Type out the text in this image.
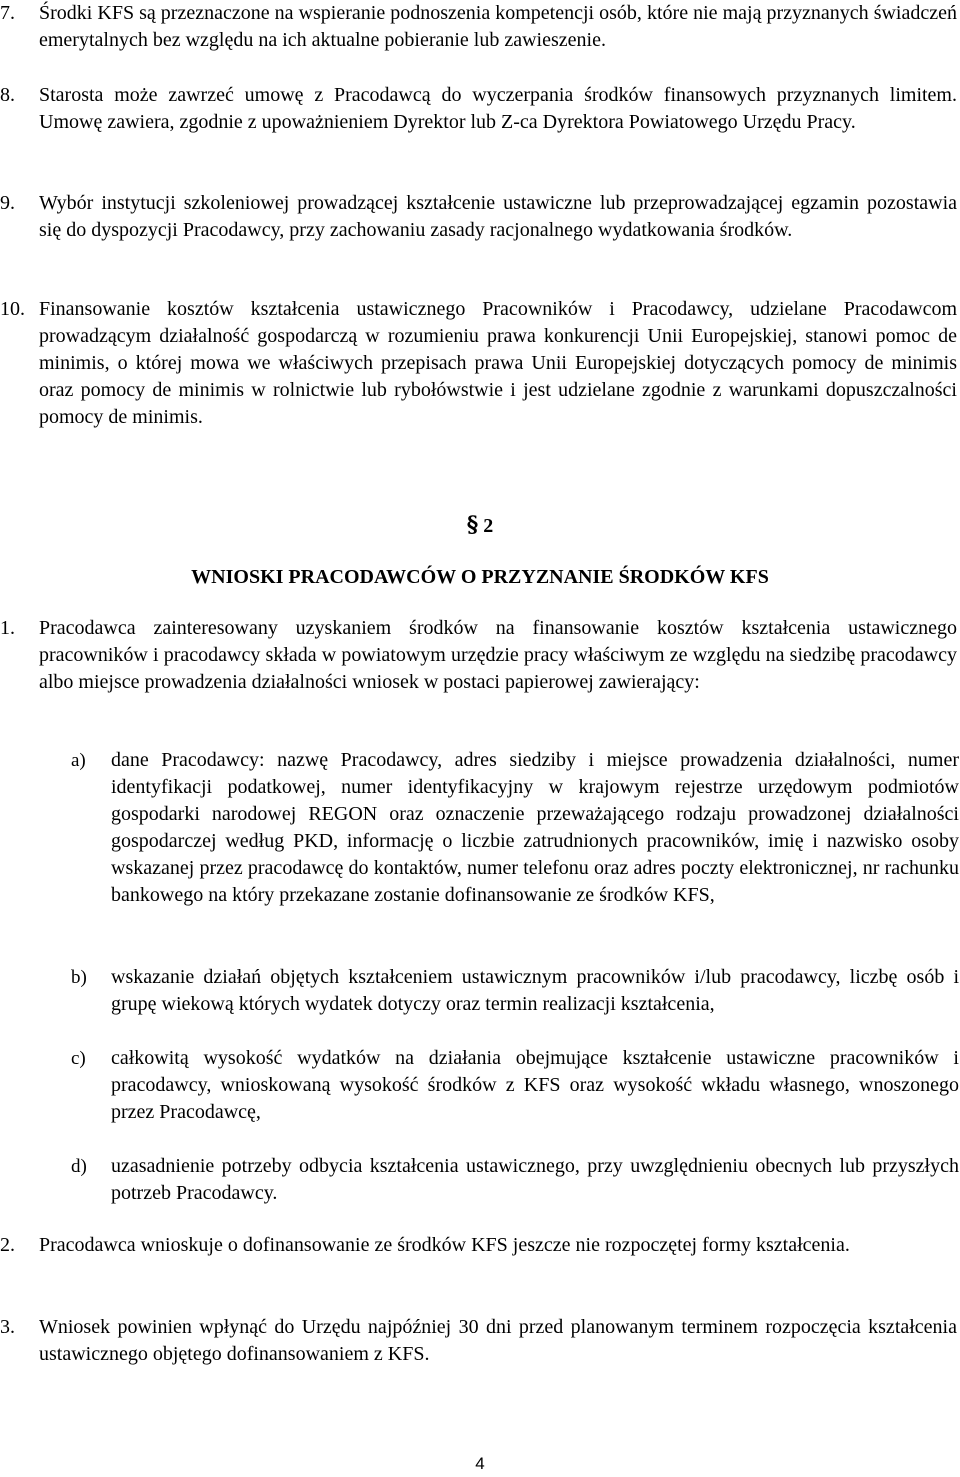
7.	Środki KFS są przeznaczone na wspieranie podnoszenia kompetencji osób, które nie mają przyznanych świadczeń emerytalnych bez względu na ich aktualne pobieranie lub zawieszenie.
8.	Starosta może zawrzeć umowę z Pracodawcą do wyczerpania środków finansowych przyznanych limitem. Umowę zawiera, zgodnie z upoważnieniem Dyrektor lub Z-ca Dyrektora Powiatowego Urzędu Pracy.
9.	Wybór instytucji szkoleniowej prowadzącej kształcenie ustawiczne lub przeprowadzającej egzamin pozostawia się do dyspozycji Pracodawcy, przy zachowaniu zasady racjonalnego wydatkowania środków.
10. Finansowanie kosztów kształcenia ustawicznego Pracowników i Pracodawcy, udzielane Pracodawcom prowadzącym działalność gospodarczą w rozumieniu prawa konkurencji Unii Europejskiej, stanowi pomoc de minimis, o której mowa we właściwych przepisach prawa Unii Europejskiej dotyczących pomocy de minimis oraz pomocy de minimis w rolnictwie lub rybołówstwie i jest udzielane zgodnie z warunkami dopuszczalności pomocy de minimis.
§ 2
WNIOSKI PRACODAWCÓW O PRZYZNANIE ŚRODKÓW KFS
1.	Pracodawca zainteresowany uzyskaniem środków na finansowanie kosztów kształcenia ustawicznego pracowników i pracodawcy składa w powiatowym urzędzie pracy właściwym ze względu na siedzibę pracodawcy albo miejsce prowadzenia działalności wniosek w postaci papierowej zawierający:
a)	dane Pracodawcy: nazwę Pracodawcy, adres siedziby i miejsce prowadzenia działalności, numer identyfikacji podatkowej, numer identyfikacyjny w krajowym rejestrze urzędowym podmiotów gospodarki narodowej REGON oraz oznaczenie przeważającego rodzaju prowadzonej działalności gospodarczej według PKD, informację o liczbie zatrudnionych pracowników, imię i nazwisko osoby wskazanej przez pracodawcę do kontaktów, numer telefonu oraz adres poczty elektronicznej, nr rachunku bankowego na który przekazane zostanie dofinansowanie ze środków KFS,
b)	wskazanie działań objętych kształceniem ustawicznym pracowników i/lub pracodawcy, liczbę osób i grupę wiekową których wydatek dotyczy oraz termin realizacji kształcenia,
c)	całkowitą wysokość wydatków na działania obejmujące kształcenie ustawiczne pracowników i pracodawcy, wnioskowaną wysokość środków z KFS oraz wysokość wkładu własnego, wnoszonego przez Pracodawcę,
d)	uzasadnienie potrzeby odbycia kształcenia ustawicznego, przy uwzględnieniu obecnych lub przyszłych potrzeb Pracodawcy.
2.	Pracodawca wnioskuje o dofinansowanie ze środków KFS jeszcze nie rozpoczętej formy kształcenia.
3.	Wniosek powinien wpłynąć do Urzędu najpóźniej 30 dni przed planowanym terminem rozpoczęcia kształcenia ustawicznego objętego dofinansowaniem z KFS.
4
